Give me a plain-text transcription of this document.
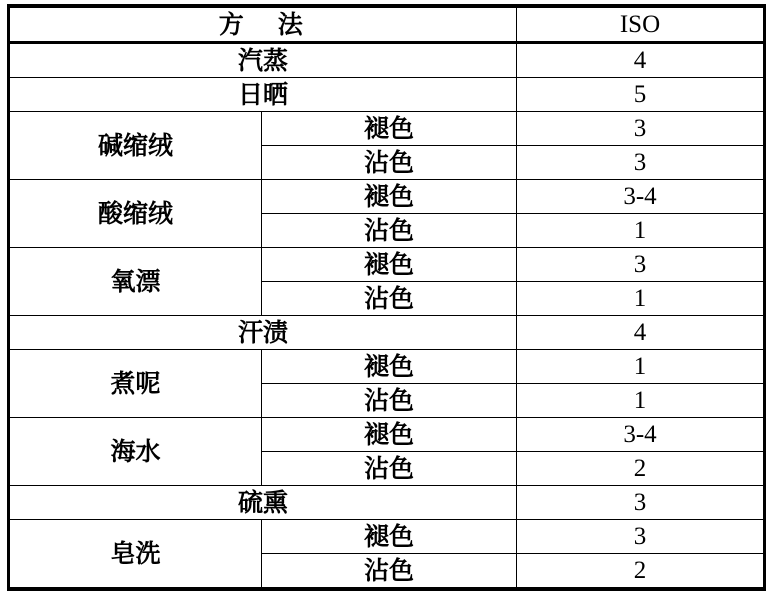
方　法		ISO
汽蒸		4
日晒		5
碱缩绒	褪色	3
	沾色	3
酸缩绒	褪色	3-4
	沾色	1
氧漂	褪色	3
	沾色	1
汗渍		4
煮呢	褪色	1
	沾色	1
海水	褪色	3-4
	沾色	2
硫熏		3
皂洗	褪色	3
	沾色	2
